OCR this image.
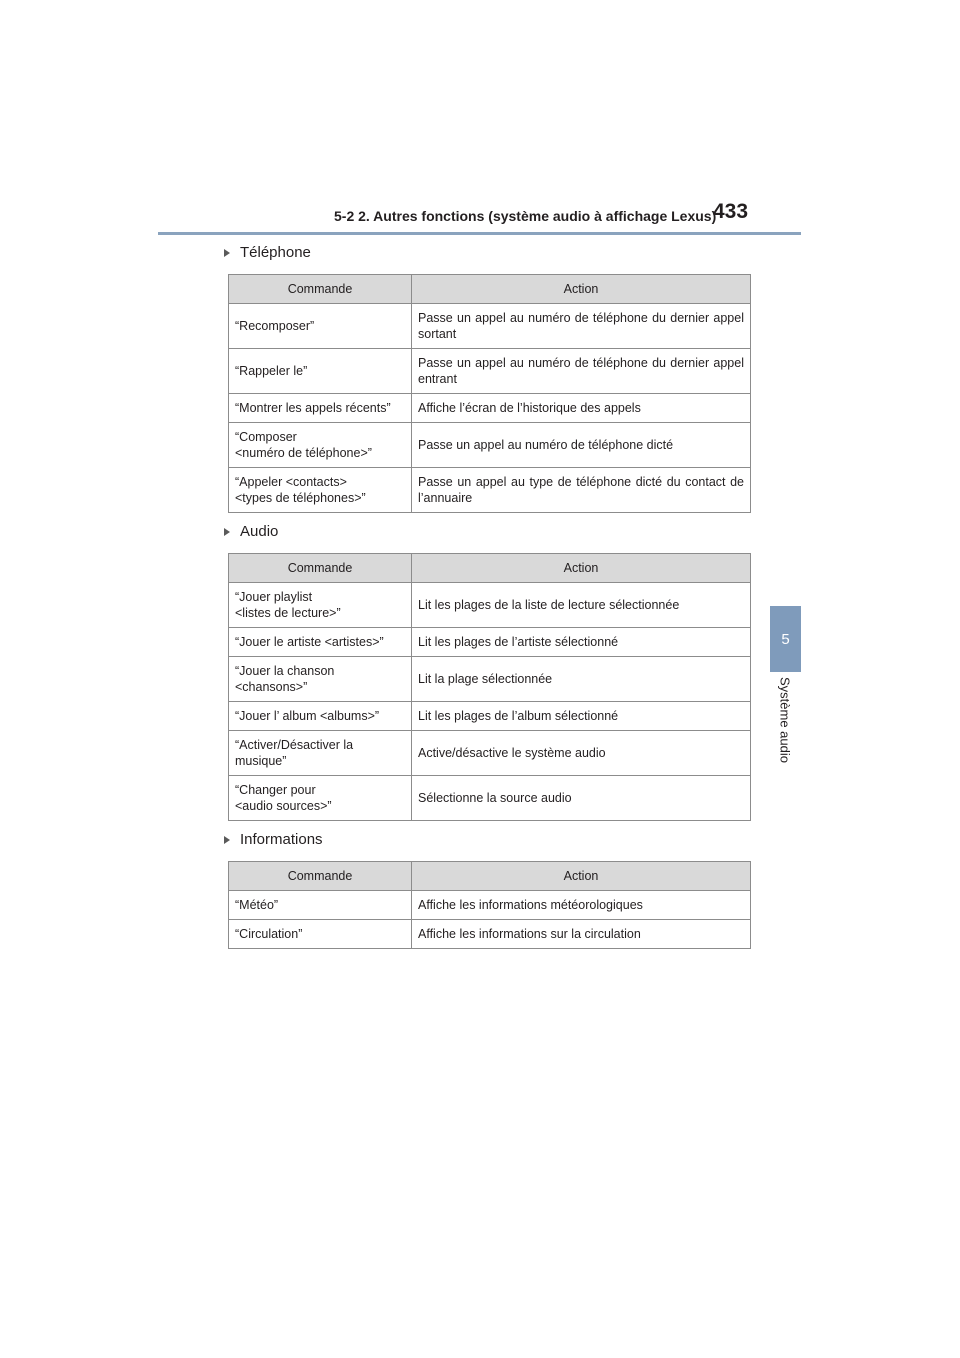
5-2 2. Autres fonctions (système audio à affichage Lexus)
433
5
Système audio
Téléphone
Commande	Action
“Recomposer”	Passe un appel au numéro de téléphone du dernier appel sortant
“Rappeler le”	Passe un appel au numéro de téléphone du dernier appel entrant
“Montrer les appels récents”	Affiche l’écran de l’historique des appels
“Composer
<numéro de téléphone>”	Passe un appel au numéro de téléphone dicté
“Appeler <contacts>
<types de téléphones>”	Passe un appel au type de téléphone dicté du contact de l’annuaire
Audio
Commande	Action
“Jouer playlist
<listes de lecture>”	Lit les plages de la liste de lecture sélectionnée
“Jouer le artiste <artistes>”	Lit les plages de l’artiste sélectionné
“Jouer la chanson
<chansons>”	Lit la plage sélectionnée
“Jouer l’ album <albums>”	Lit les plages de l’album sélectionné
“Activer/Désactiver la
musique”	Active/désactive le système audio
“Changer pour
<audio sources>”	Sélectionne la source audio
Informations
Commande	Action
“Météo”	Affiche les informations météorologiques
“Circulation”	Affiche les informations sur la circulation
